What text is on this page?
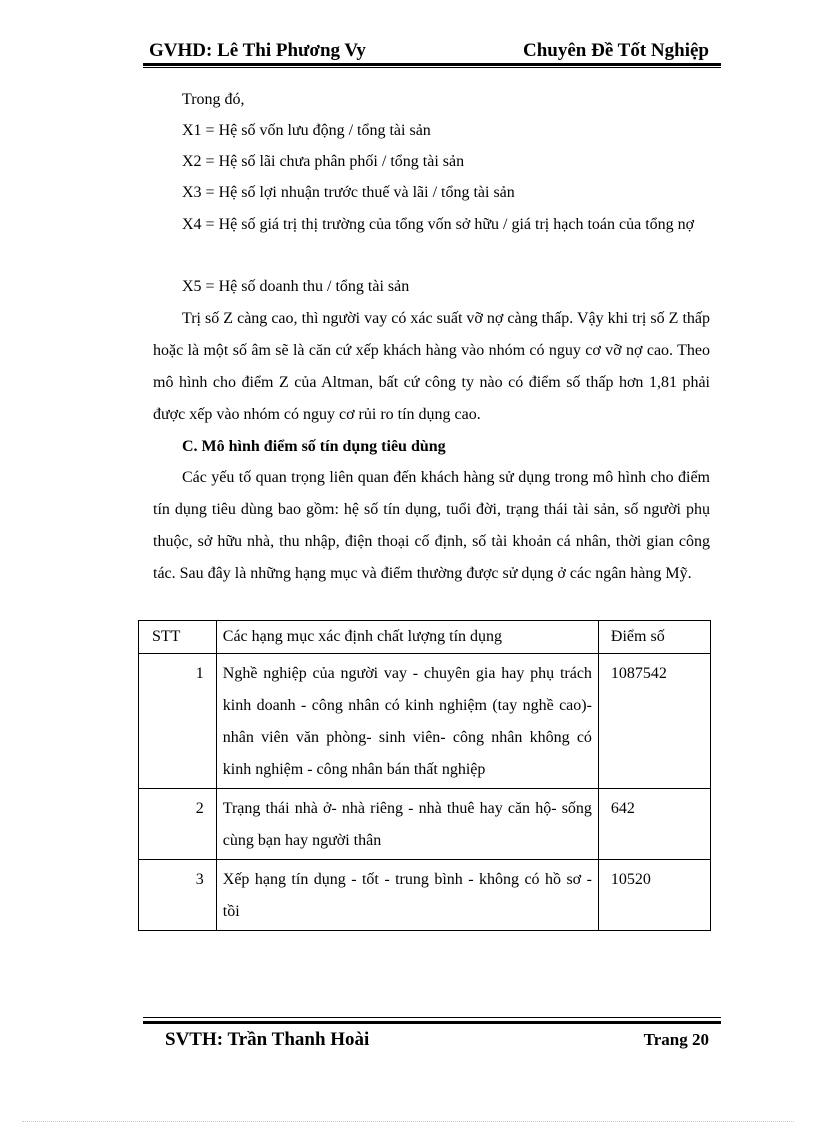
GVHD: Lê Thi Phương Vy	Chuyên Đề Tốt Nghiệp
Trong đó,
X1 = Hệ số vốn lưu động / tổng tài sản
X2 = Hệ số lãi chưa phân phối / tổng tài sản
X3 = Hệ số lợi nhuận trước thuế và lãi / tổng tài sản
X4 = Hệ số giá trị thị trường của tổng vốn sở hữu / giá trị hạch toán của tổng nợ
X5 = Hệ số doanh thu / tổng tài sản
Trị số Z càng cao, thì người vay có xác suất vỡ nợ càng thấp. Vậy khi trị số Z thấp hoặc là một số âm sẽ là căn cứ xếp khách hàng vào nhóm có nguy cơ vỡ nợ cao. Theo mô hình cho điểm Z của Altman, bất cứ công ty nào có điểm số thấp hơn 1,81 phải được xếp vào nhóm có nguy cơ rủi ro tín dụng cao.
C. Mô hình điểm số tín dụng tiêu dùng
Các yếu tố quan trọng liên quan đến khách hàng sử dụng trong mô hình cho điểm tín dụng tiêu dùng bao gồm: hệ số tín dụng, tuổi đời, trạng thái tài sản, số người phụ thuộc, sở hữu nhà, thu nhập, điện thoại cố định, số tài khoản cá nhân, thời gian công tác. Sau đây là những hạng mục và điểm thường được sử dụng ở các ngân hàng Mỹ.
STT	Các hạng mục xác định chất lượng tín dụng	Điểm số
1	Nghề nghiệp của người vay - chuyên gia hay phụ trách kinh doanh - công nhân có kinh nghiệm (tay nghề cao)- nhân viên văn phòng- sinh viên- công nhân không có kinh nghiệm - công nhân bán thất nghiệp	1087542
2	Trạng thái nhà ở- nhà riêng - nhà thuê hay căn hộ- sống cùng bạn hay người thân	642
3	Xếp hạng tín dụng - tốt - trung bình - không có hồ sơ - tồi	10520
SVTH: Trần Thanh Hoài	Trang 20
